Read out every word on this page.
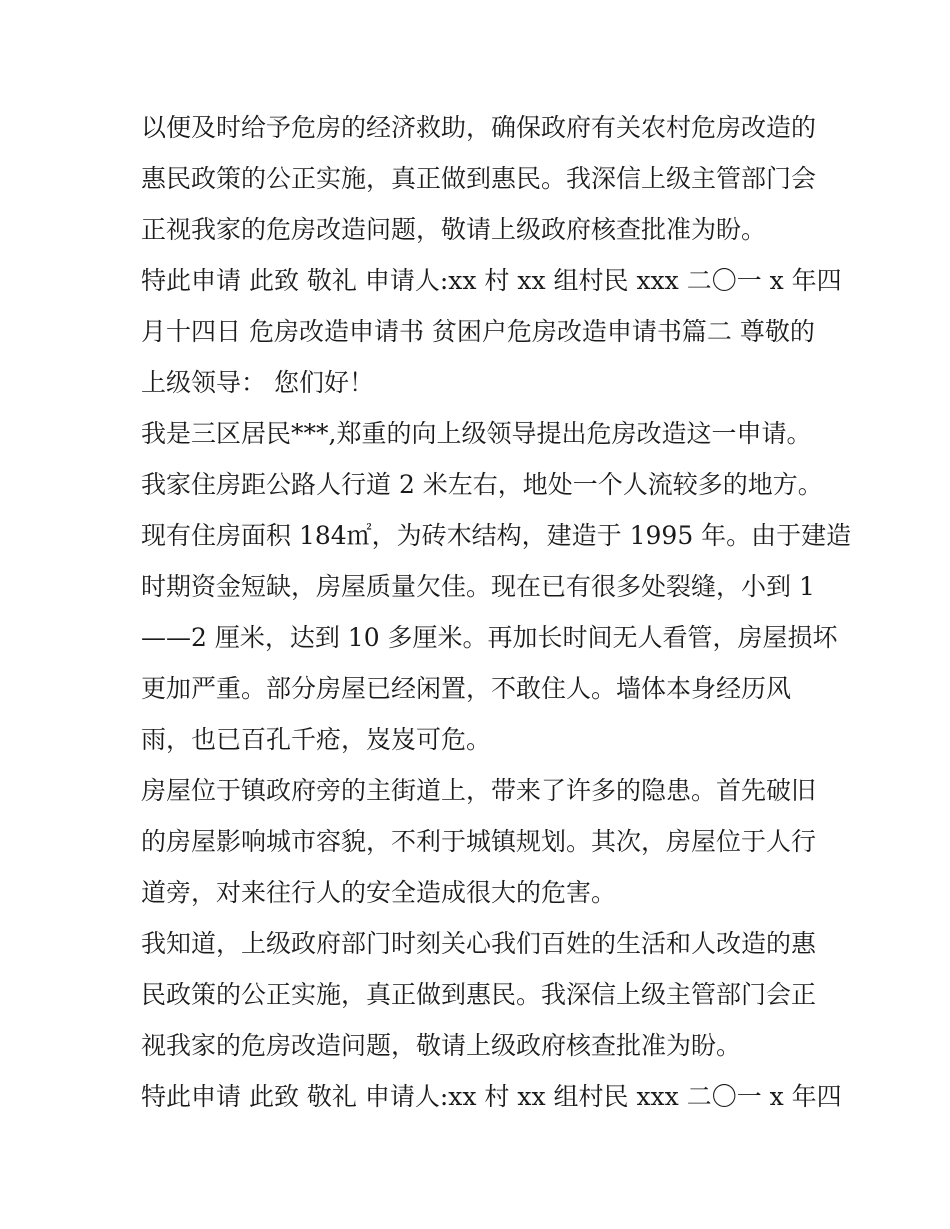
以便及时给予危房的经济救助，确保政府有关农村危房改造的
惠民政策的公正实施，真正做到惠民。我深信上级主管部门会
正视我家的危房改造问题，敬请上级政府核查批准为盼。
特此申请 此致 敬礼 申请人:xx 村 xx 组村民 xxx 二〇一 x 年四
月十四日 危房改造申请书 贫困户危房改造申请书篇二 尊敬的
上级领导： 您们好！
我是三区居民***,郑重的向上级领导提出危房改造这一申请。
我家住房距公路人行道 2 米左右，地处一个人流较多的地方。
现有住房面积 184㎡，为砖木结构，建造于 1995 年。由于建造
时期资金短缺，房屋质量欠佳。现在已有很多处裂缝，小到 1
——2 厘米，达到 10 多厘米。再加长时间无人看管，房屋损坏
更加严重。部分房屋已经闲置，不敢住人。墙体本身经历风
雨，也已百孔千疮，岌岌可危。
房屋位于镇政府旁的主街道上，带来了许多的隐患。首先破旧
的房屋影响城市容貌，不利于城镇规划。其次，房屋位于人行
道旁，对来往行人的安全造成很大的危害。
我知道，上级政府部门时刻关心我们百姓的生活和人改造的惠
民政策的公正实施，真正做到惠民。我深信上级主管部门会正
视我家的危房改造问题，敬请上级政府核查批准为盼。
特此申请 此致 敬礼 申请人:xx 村 xx 组村民 xxx 二〇一 x 年四
